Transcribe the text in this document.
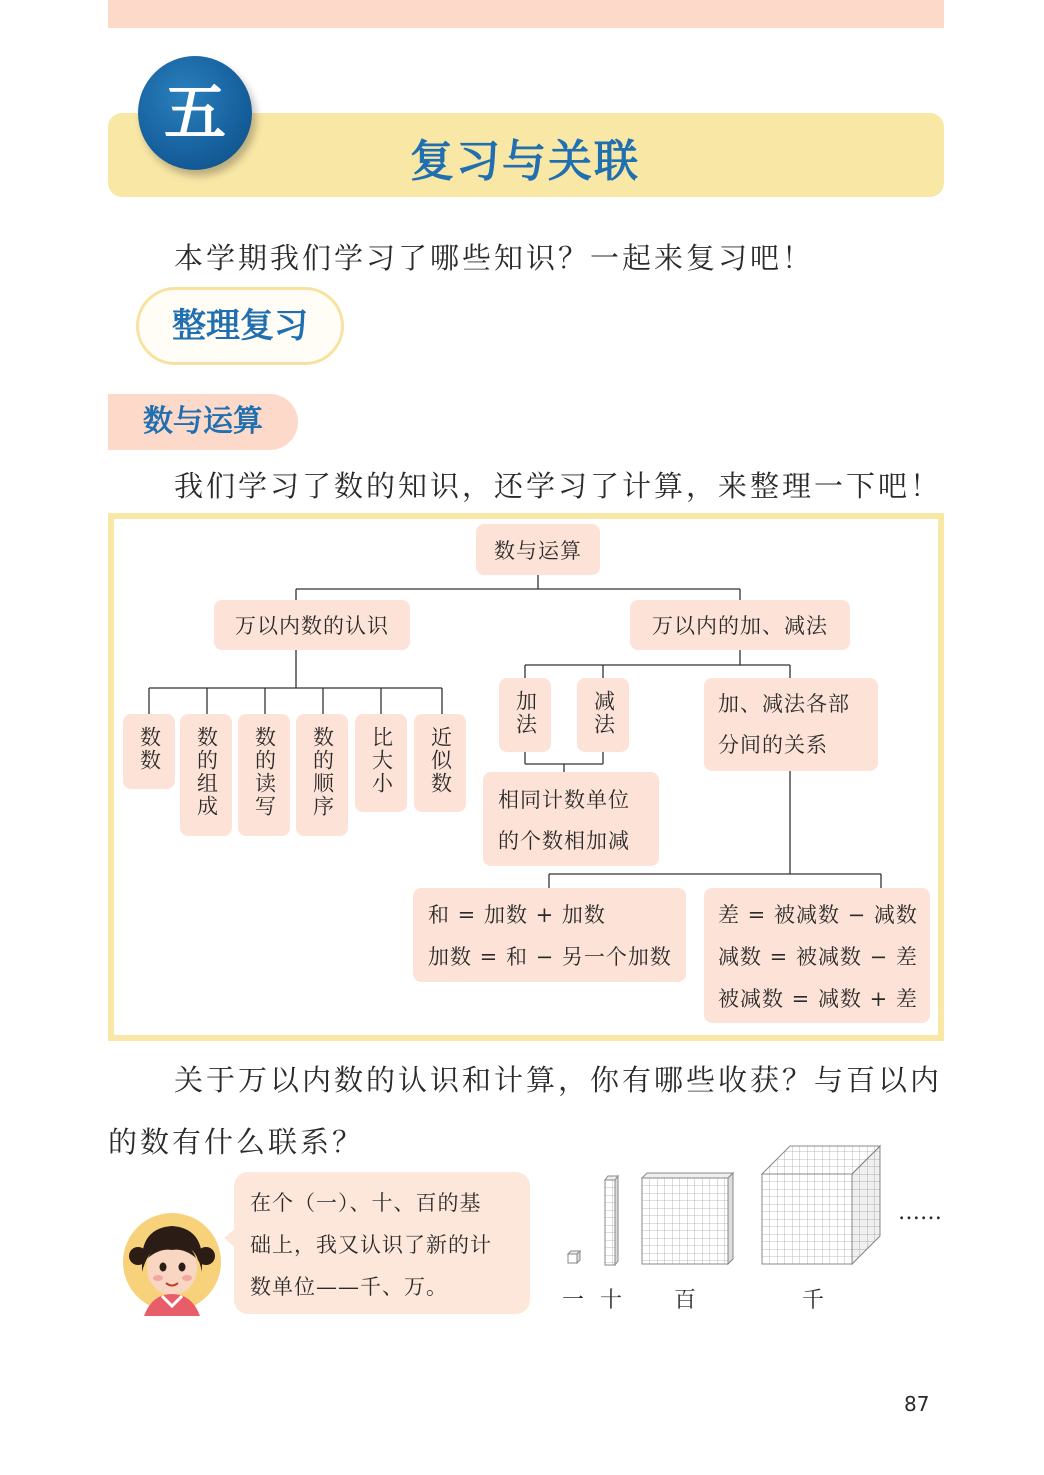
五
复习与关联
本学期我们学习了哪些知识？一起来复习吧！
整理复习
数与运算
我们学习了数的知识，还学习了计算，来整理一下吧！
数与运算
万以内数的认识	万以内的加、减法
数数 数的组成 数的读写 数的顺序 比大小 近似数
加法	减法
相同计数单位
的个数相加减
加、减法各部
分间的关系
和 = 加数 + 加数
加数 = 和 − 另一个加数
差 = 被减数 − 减数
减数 = 被减数 − 差
被减数 = 减数 + 差
关于万以内数的认识和计算，你有哪些收获？与百以内
的数有什么联系？
在个（一）、十、百的基
础上，我又认识了新的计
数单位——千、万。
一 十 百	千
……
87
